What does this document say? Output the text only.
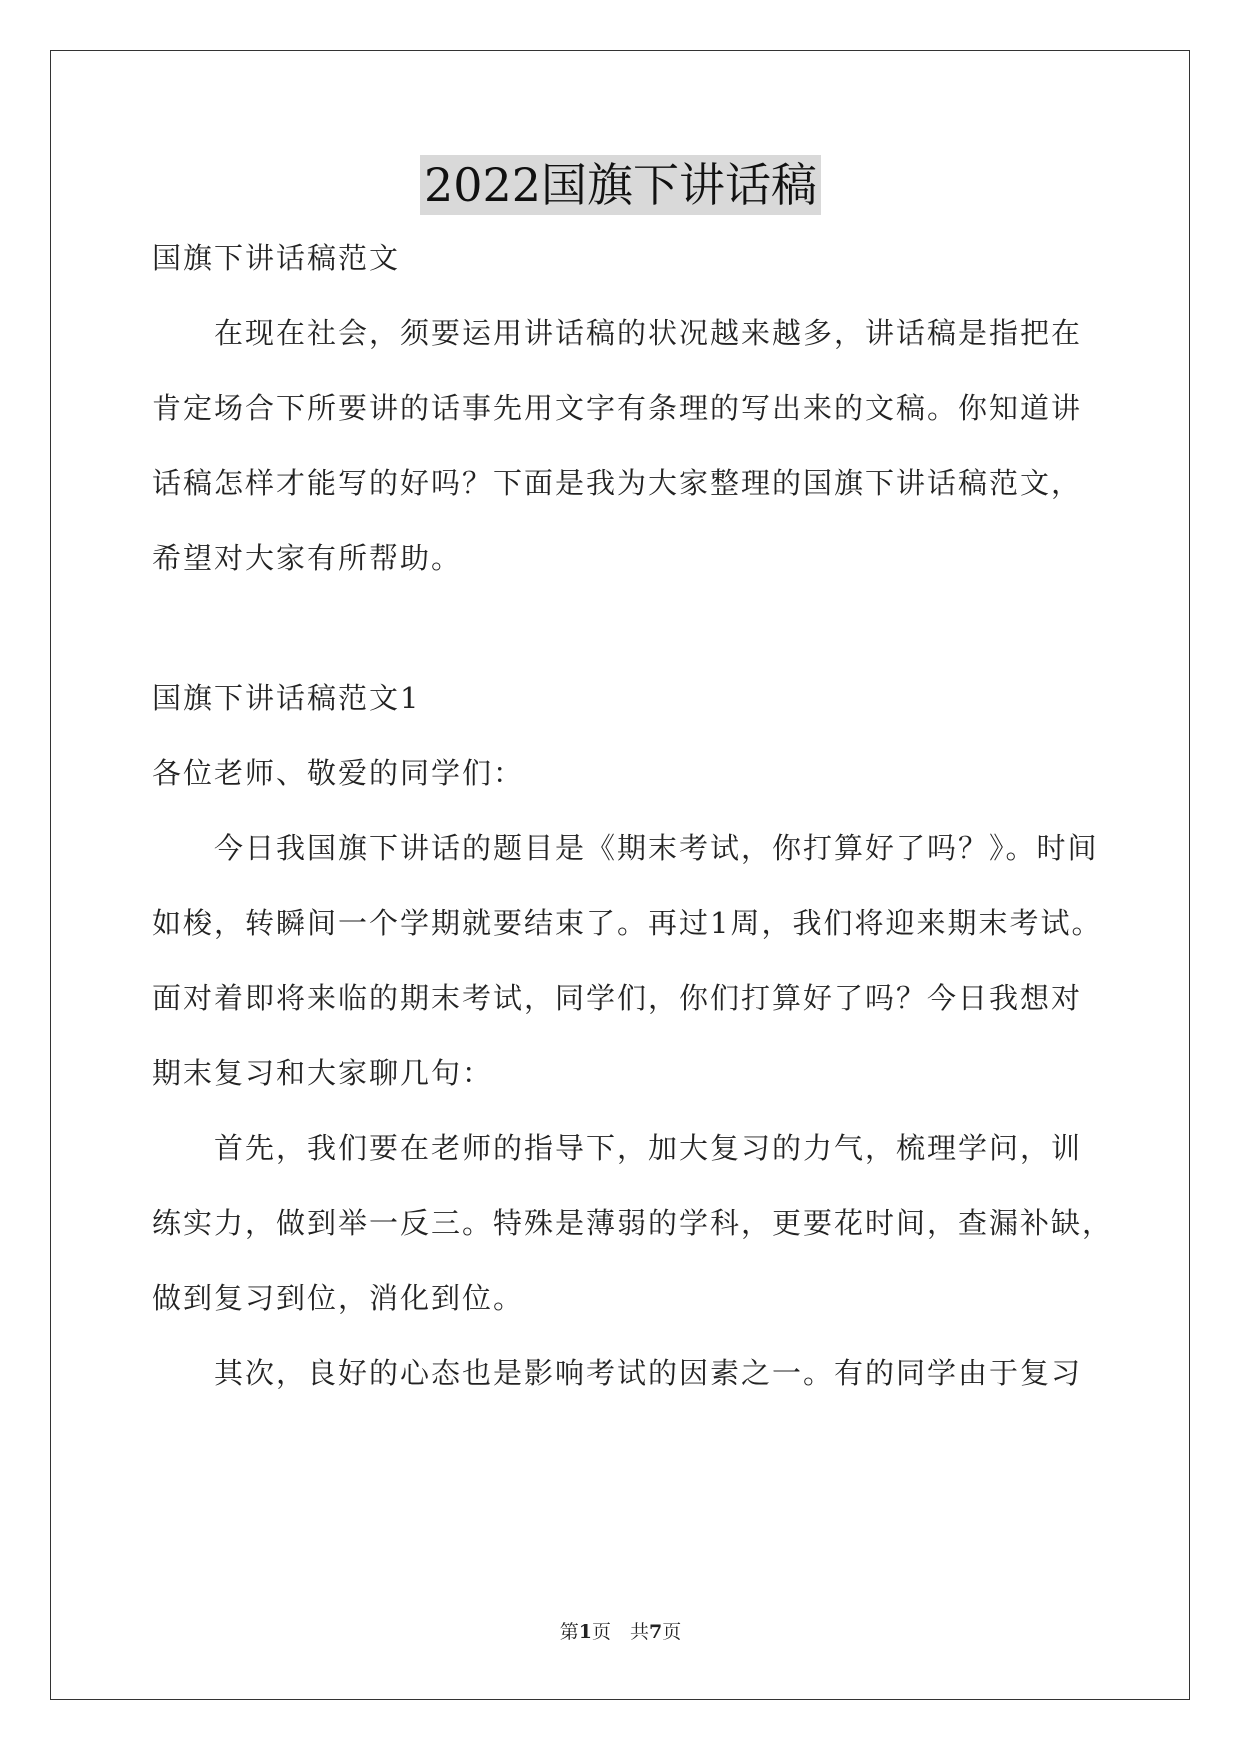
2022国旗下讲话稿
国旗下讲话稿范文
在现在社会，须要运用讲话稿的状况越来越多，讲话稿是指把在
肯定场合下所要讲的话事先用文字有条理的写出来的文稿。你知道讲
话稿怎样才能写的好吗？下面是我为大家整理的国旗下讲话稿范文，
希望对大家有所帮助。
国旗下讲话稿范文1
各位老师、敬爱的同学们：
今日我国旗下讲话的题目是《期末考试，你打算好了吗？》。时间
如梭，转瞬间一个学期就要结束了。再过1周，我们将迎来期末考试。
面对着即将来临的期末考试，同学们，你们打算好了吗？今日我想对
期末复习和大家聊几句：
首先，我们要在老师的指导下，加大复习的力气，梳理学问，训
练实力，做到举一反三。特殊是薄弱的学科，更要花时间，查漏补缺，
做到复习到位，消化到位。
其次，良好的心态也是影响考试的因素之一。有的同学由于复习
第1页　共7页
